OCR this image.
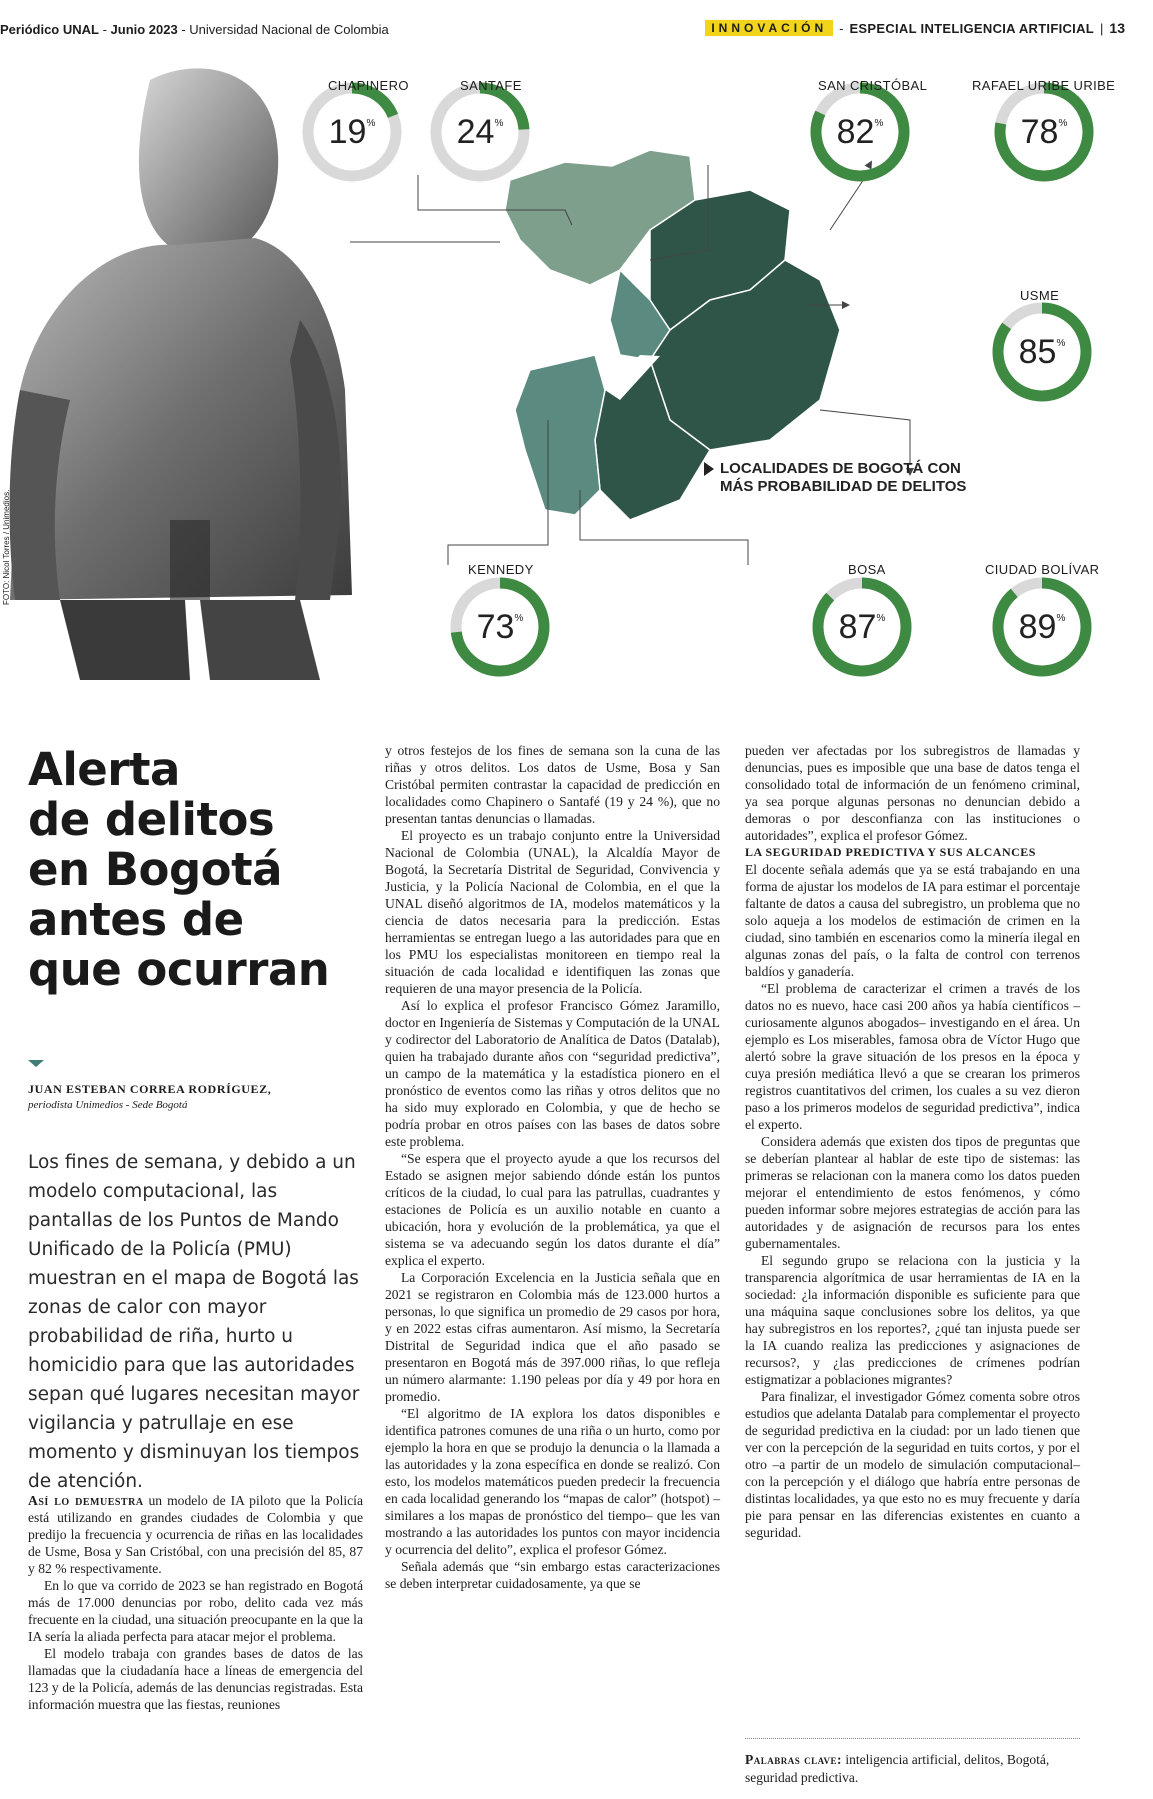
Periódico UNAL - Junio 2023 - Universidad Nacional de Colombia	INNOVACIÓN - ESPECIAL INTELIGENCIA ARTIFICIAL | 13
FOTO: Nicol Torres / Unimedios.
LOCALIDADES DE BOGOTÁ CON
MÁS PROBABILIDAD DE DELITOS
19% 24%	82%	78%
85%
73%	87%	89%
Alerta
de delitos
en Bogotá
antes de
que ocurran
JUAN ESTEBAN CORREA RODRÍGUEZ,
periodista Unimedios - Sede Bogotá
Los fines de semana, y debido a un modelo computacional, las pantallas de los Puntos de Mando Unificado de la Policía (PMU) muestran en el mapa de Bogotá las zonas de calor con mayor probabilidad de riña, hurto u homicidio para que las autoridades sepan qué lugares necesitan mayor vigilancia y patrullaje en ese momento y disminuyan los tiempos de atención.

Así lo demuestra un modelo de IA piloto que la Policía está utilizando en grandes ciudades de Colombia y que predijo la frecuencia y ocurrencia de riñas en las localidades de Usme, Bosa y San Cristóbal, con una precisión del 85, 87 y 82 % respectivamente.

En lo que va corrido de 2023 se han registrado en Bogotá más de 17.000 denuncias por robo, delito cada vez más frecuente en la ciudad, una situación preocupante en la que la IA sería la aliada perfecta para atacar mejor el problema.

El modelo trabaja con grandes bases de datos de las llamadas que la ciudadanía hace a líneas de emergencia del 123 y de la Policía, además de las denuncias registradas. Esta información muestra que las fiestas, reuniones

y otros festejos de los fines de semana son la cuna de las riñas y otros delitos. Los datos de Usme, Bosa y San Cristóbal permiten contrastar la capacidad de predicción en localidades como Chapinero o Santafé (19 y 24 %), que no presentan tantas denuncias o llamadas.

El proyecto es un trabajo conjunto entre la Universidad Nacional de Colombia (UNAL), la Alcaldía Mayor de Bogotá, la Secretaría Distrital de Seguridad, Convivencia y Justicia, y la Policía Nacional de Colombia, en el que la UNAL diseñó algoritmos de IA, modelos matemáticos y la ciencia de datos necesaria para la predicción. Estas herramientas se entregan luego a las autoridades para que en los PMU los especialistas monitoreen en tiempo real la situación de cada localidad e identifiquen las zonas que requieren de una mayor presencia de la Policía.

Así lo explica el profesor Francisco Gómez Jaramillo, doctor en Ingeniería de Sistemas y Computación de la UNAL y codirector del Laboratorio de Analítica de Datos (Datalab), quien ha trabajado durante años con “seguridad predictiva”, un campo de la matemática y la estadística pionero en el pronóstico de eventos como las riñas y otros delitos que no ha sido muy explorado en Colombia, y que de hecho se podría probar en otros países con las bases de datos sobre este problema.

“Se espera que el proyecto ayude a que los recursos del Estado se asignen mejor sabiendo dónde están los puntos críticos de la ciudad, lo cual para las patrullas, cuadrantes y estaciones de Policía es un auxilio notable en cuanto a ubicación, hora y evolución de la problemática, ya que el sistema se va adecuando según los datos durante el día” explica el experto.

La Corporación Excelencia en la Justicia señala que en 2021 se registraron en Colombia más de 123.000 hurtos a personas, lo que significa un promedio de 29 casos por hora, y en 2022 estas cifras aumentaron. Así mismo, la Secretaría Distrital de Seguridad indica que el año pasado se presentaron en Bogotá más de 397.000 riñas, lo que refleja un número alarmante: 1.190 peleas por día y 49 por hora en promedio.

“El algoritmo de IA explora los datos disponibles e identifica patrones comunes de una riña o un hurto, como por ejemplo la hora en que se produjo la denuncia o la llamada a las autoridades y la zona específica en donde se realizó. Con esto, los modelos matemáticos pueden predecir la frecuencia en cada localidad generando los “mapas de calor” (hotspot) –similares a los mapas de pronóstico del tiempo– que les van mostrando a las autoridades los puntos con mayor incidencia y ocurrencia del delito”, explica el profesor Gómez.

Señala además que “sin embargo estas caracterizaciones se deben interpretar cuidadosamente, ya que se

pueden ver afectadas por los subregistros de llamadas y denuncias, pues es imposible que una base de datos tenga el consolidado total de información de un fenómeno criminal, ya sea porque algunas personas no denuncian debido a demoras o por desconfianza con las instituciones o autoridades”, explica el profesor Gómez.

LA SEGURIDAD PREDICTIVA Y SUS ALCANCES

El docente señala además que ya se está trabajando en una forma de ajustar los modelos de IA para estimar el porcentaje faltante de datos a causa del subregistro, un problema que no solo aqueja a los modelos de estimación de crimen en la ciudad, sino también en escenarios como la minería ilegal en algunas zonas del país, o la falta de control con terrenos baldíos y ganadería.

“El problema de caracterizar el crimen a través de los datos no es nuevo, hace casi 200 años ya había científicos –curiosamente algunos abogados– investigando en el área. Un ejemplo es Los miserables, famosa obra de Víctor Hugo que alertó sobre la grave situación de los presos en la época y cuya presión mediática llevó a que se crearan los primeros registros cuantitativos del crimen, los cuales a su vez dieron paso a los primeros modelos de seguridad predictiva”, indica el experto.

Considera además que existen dos tipos de preguntas que se deberían plantear al hablar de este tipo de sistemas: las primeras se relacionan con la manera como los datos pueden mejorar el entendimiento de estos fenómenos, y cómo pueden informar sobre mejores estrategias de acción para las autoridades y de asignación de recursos para los entes gubernamentales.

El segundo grupo se relaciona con la justicia y la transparencia algorítmica de usar herramientas de IA en la sociedad: ¿la información disponible es suficiente para que una máquina saque conclusiones sobre los delitos, ya que hay subregistros en los reportes?, ¿qué tan injusta puede ser la IA cuando realiza las predicciones y asignaciones de recursos?, y ¿las predicciones de crímenes podrían estigmatizar a poblaciones migrantes?

Para finalizar, el investigador Gómez comenta sobre otros estudios que adelanta Datalab para complementar el proyecto de seguridad predictiva en la ciudad: por un lado tienen que ver con la percepción de la seguridad en tuits cortos, y por el otro –a partir de un modelo de simulación computacional– con la percepción y el diálogo que habría entre personas de distintas localidades, ya que esto no es muy frecuente y daría pie para pensar en las diferencias existentes en cuanto a seguridad.

Palabras clave: inteligencia artificial, delitos, Bogotá, seguridad predictiva.
CHAPINERO	SANTAFE	SAN CRISTÓBAL	RAFAEL URIBE URIBE
USME
KENNEDY	BOSA	CIUDAD BOLÍVAR
